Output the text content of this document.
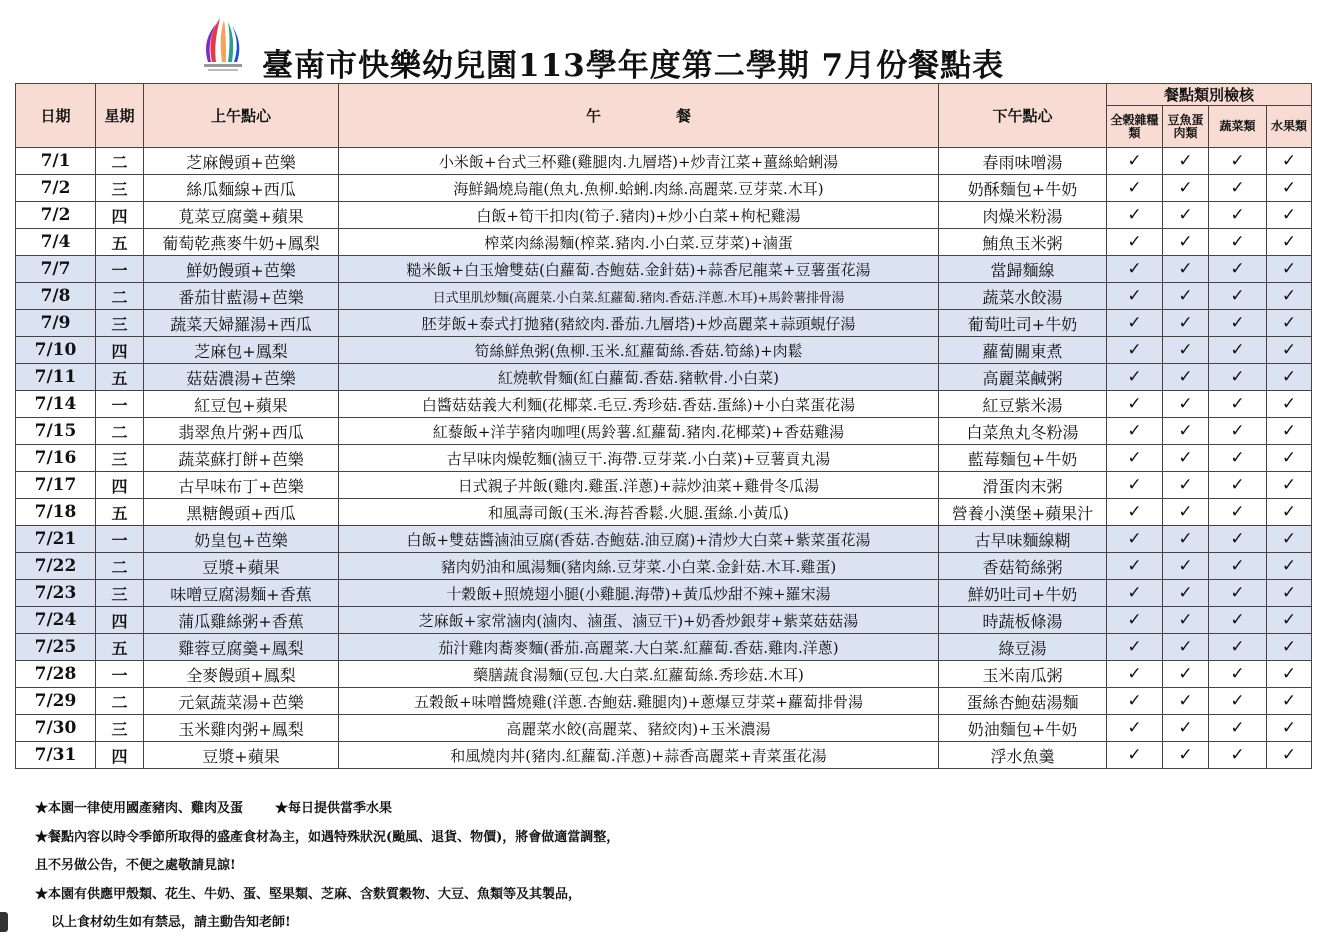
臺南市快樂幼兒園113學年度第二學期 7月份餐點表
日期	星期	上午點心	午　　　　　餐	下午點心	餐點類別檢核			
					全榖雜糧類	豆魚蛋肉類	蔬菜類	水果類
7/1	二	芝麻饅頭+芭樂	小米飯+台式三杯雞(雞腿肉.九層塔)+炒青江菜+薑絲蛤蜊湯	春雨味噌湯	✓	✓	✓	✓
7/2	三	絲瓜麵線+西瓜	海鮮鍋燒烏龍(魚丸.魚柳.蛤蜊.肉絲.高麗菜.豆芽菜.木耳)	奶酥麵包+牛奶	✓	✓	✓	✓
7/2	四	莧菜豆腐羹+蘋果	白飯+筍干扣肉(筍子.豬肉)+炒小白菜+枸杞雞湯	肉燥米粉湯	✓	✓	✓	✓
7/4	五	葡萄乾燕麥牛奶+鳳梨	榨菜肉絲湯麵(榨菜.豬肉.小白菜.豆芽菜)+滷蛋	鮪魚玉米粥	✓	✓	✓	✓
7/7	一	鮮奶饅頭+芭樂	糙米飯+白玉燴雙菇(白蘿蔔.杏鮑菇.金針菇)+蒜香尼龍菜+豆薯蛋花湯	當歸麵線	✓	✓	✓	✓
7/8	二	番茄甘藍湯+芭樂	日式里肌炒麵(高麗菜.小白菜.紅蘿蔔.豬肉.香菇.洋蔥.木耳)+馬鈴薯排骨湯	蔬菜水餃湯	✓	✓	✓	✓
7/9	三	蔬菜天婦羅湯+西瓜	胚芽飯+泰式打拋豬(豬絞肉.番茄.九層塔)+炒高麗菜+蒜頭蜆仔湯	葡萄吐司+牛奶	✓	✓	✓	✓
7/10	四	芝麻包+鳳梨	筍絲鮮魚粥(魚柳.玉米.紅蘿蔔絲.香菇.筍絲)+肉鬆	蘿蔔關東煮	✓	✓	✓	✓
7/11	五	菇菇濃湯+芭樂	紅燒軟骨麵(紅白蘿蔔.香菇.豬軟骨.小白菜)	高麗菜鹹粥	✓	✓	✓	✓
7/14	一	紅豆包+蘋果	白醬菇菇義大利麵(花椰菜.毛豆.秀珍菇.香菇.蛋絲)+小白菜蛋花湯	紅豆紫米湯	✓	✓	✓	✓
7/15	二	翡翠魚片粥+西瓜	紅藜飯+洋芋豬肉咖哩(馬鈴薯.紅蘿蔔.豬肉.花椰菜)+香菇雞湯	白菜魚丸冬粉湯	✓	✓	✓	✓
7/16	三	蔬菜蘇打餅+芭樂	古早味肉燥乾麵(滷豆干.海帶.豆芽菜.小白菜)+豆薯貢丸湯	藍莓麵包+牛奶	✓	✓	✓	✓
7/17	四	古早味布丁+芭樂	日式親子丼飯(雞肉.雞蛋.洋蔥)+蒜炒油菜+雞骨冬瓜湯	滑蛋肉末粥	✓	✓	✓	✓
7/18	五	黑糖饅頭+西瓜	和風壽司飯(玉米.海苔香鬆.火腿.蛋絲.小黃瓜)	營養小漢堡+蘋果汁	✓	✓	✓	✓
7/21	一	奶皇包+芭樂	白飯+雙菇醬滷油豆腐(香菇.杏鮑菇.油豆腐)+清炒大白菜+紫菜蛋花湯	古早味麵線糊	✓	✓	✓	✓
7/22	二	豆漿+蘋果	豬肉奶油和風湯麵(豬肉絲.豆芽菜.小白菜.金針菇.木耳.雞蛋)	香菇筍絲粥	✓	✓	✓	✓
7/23	三	味噌豆腐湯麵+香蕉	十穀飯+照燒翅小腿(小雞腿.海帶)+黃瓜炒甜不辣+羅宋湯	鮮奶吐司+牛奶	✓	✓	✓	✓
7/24	四	蒲瓜雞絲粥+香蕉	芝麻飯+家常滷肉(滷肉、滷蛋、滷豆干)+奶香炒銀芽+紫菜菇菇湯	時蔬板條湯	✓	✓	✓	✓
7/25	五	雞蓉豆腐羹+鳳梨	茄汁雞肉蕎麥麵(番茄.高麗菜.大白菜.紅蘿蔔.香菇.雞肉.洋蔥)	綠豆湯	✓	✓	✓	✓
7/28	一	全麥饅頭+鳳梨	藥膳蔬食湯麵(豆包.大白菜.紅蘿蔔絲.秀珍菇.木耳)	玉米南瓜粥	✓	✓	✓	✓
7/29	二	元氣蔬菜湯+芭樂	五穀飯+味噌醬燒雞(洋蔥.杏鮑菇.雞腿肉)+蔥爆豆芽菜+蘿蔔排骨湯	蛋絲杏鮑菇湯麵	✓	✓	✓	✓
7/30	三	玉米雞肉粥+鳳梨	高麗菜水餃(高麗菜、豬絞肉)+玉米濃湯	奶油麵包+牛奶	✓	✓	✓	✓
7/31	四	豆漿+蘋果	和風燒肉丼(豬肉.紅蘿蔔.洋蔥)+蒜香高麗菜+青菜蛋花湯	浮水魚羹	✓	✓	✓	✓
★本園一律使用國產豬肉、雞肉及蛋 ★每日提供當季水果
★餐點內容以時令季節所取得的盛產食材為主，如遇特殊狀況(颱風、退貨、物價)，將會做適當調整，
且不另做公告，不便之處敬請見諒!
★本園有供應甲殼類、花生、牛奶、蛋、堅果類、芝麻、含麩質穀物、大豆、魚類等及其製品，
以上食材幼生如有禁忌，請主動告知老師!
